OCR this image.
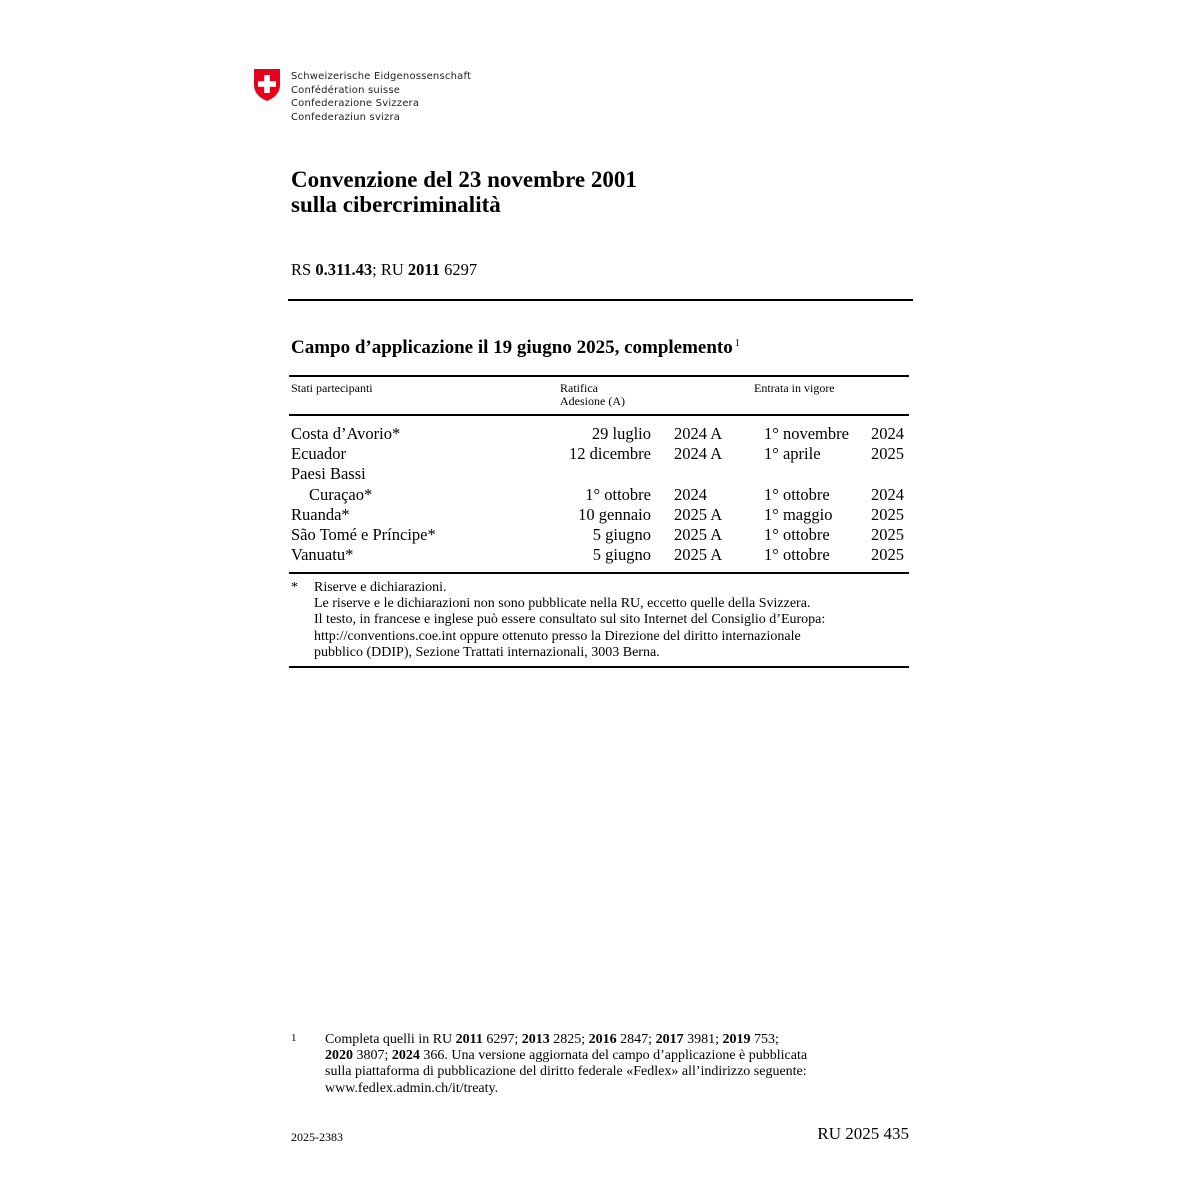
Schweizerische Eidgenossenschaft
Confédération suisse
Confederazione Svizzera
Confederaziun svizra
Convenzione del 23 novembre 2001
sulla cibercriminalità
RS 0.311.43; RU 2011 6297
Campo d’applicazione il 19 giugno 2025, complemento $^1$
Stati partecipanti	Ratifica
Adesione (A)
Entrata in vigore
Costa d’Avorio*	29 luglio 2024 A	1° novembre 2024
Ecuador	12 dicembre 2024 A	1° aprile	2025
Paesi Bassi
Curaçao*	1° ottobre 2024	1° ottobre	2024
Ruanda*	10 gennaio 2025 A	1° maggio 2025
São Tomé e Príncipe*	5 giugno 2025 A	1° ottobre	2025
Vanuatu*	5 giugno 2025 A	1° ottobre	2025
* Riserve e dichiarazioni.
Le riserve e le dichiarazioni non sono pubblicate nella RU, eccetto quelle della Svizzera.
Il testo, in francese e inglese può essere consultato sul sito Internet del Consiglio d’Europa:
http://conventions.coe.int oppure ottenuto presso la Direzione del diritto internazionale
pubblico (DDIP), Sezione Trattati internazionali, 3003 Berna.
1 Completa quelli in RU 2011 6297; 2013 2825; 2016 2847; 2017 3981; 2019 753;
2020 3807; 2024 366. Una versione aggiornata del campo d’applicazione è pubblicata
sulla piattaforma di pubblicazione del diritto federale «Fedlex» all’indirizzo seguente:
www.fedlex.admin.ch/it/treaty.
2025-2383	RU 2025 435
